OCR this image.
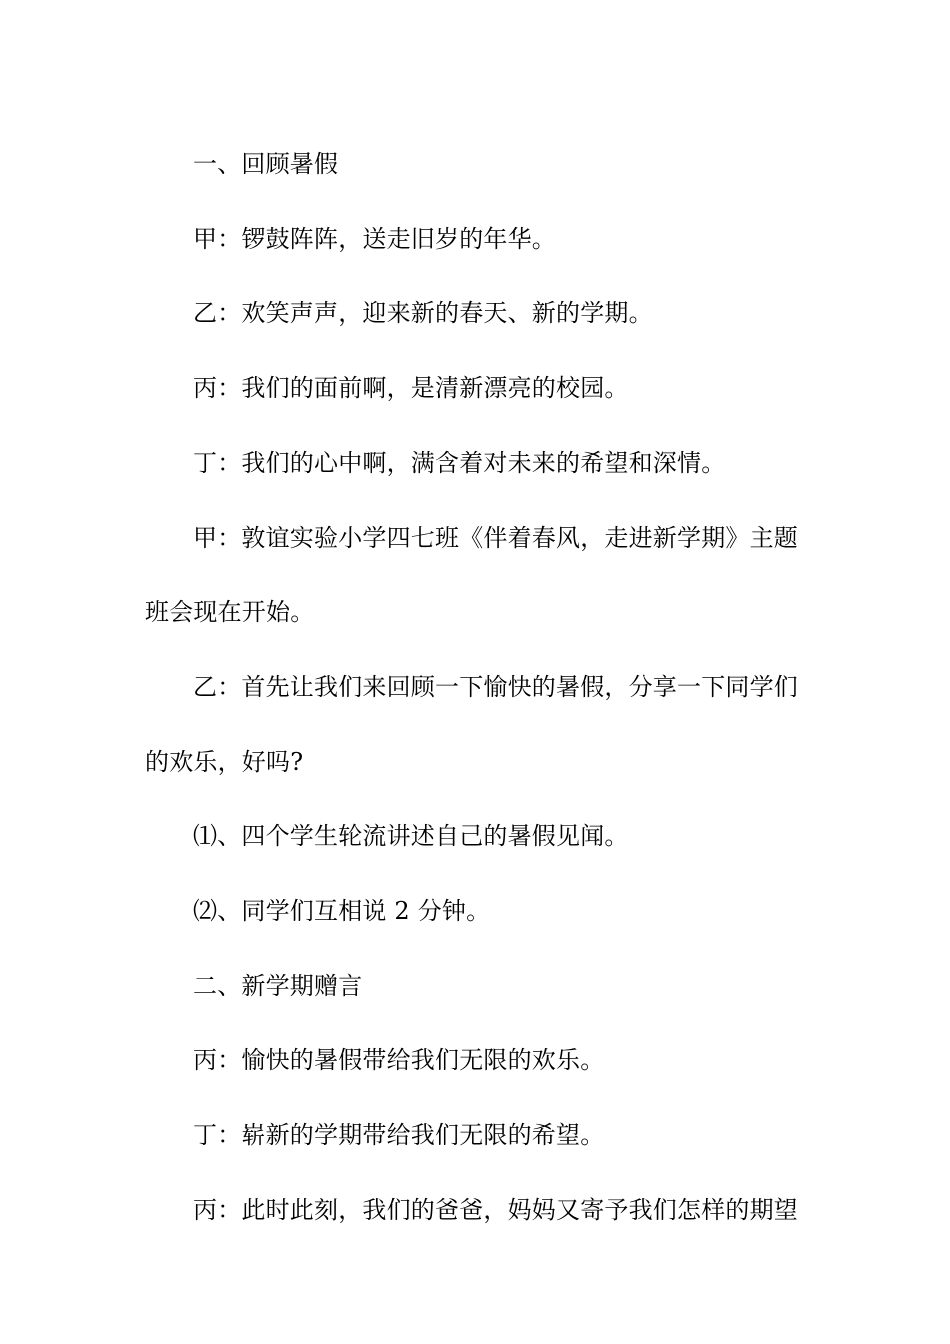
一、回顾暑假

甲：锣鼓阵阵，送走旧岁的年华。

乙：欢笑声声，迎来新的春天、新的学期。

丙：我们的面前啊，是清新漂亮的校园。

丁：我们的心中啊，满含着对未来的希望和深情。

甲：敦谊实验小学四七班《伴着春风，走进新学期》主题班会现在开始。

乙：首先让我们来回顾一下愉快的暑假，分享一下同学们的欢乐，好吗?

⑴、四个学生轮流讲述自己的暑假见闻。

⑵、同学们互相说 2 分钟。

二、新学期赠言

丙：愉快的暑假带给我们无限的欢乐。

丁：崭新的学期带给我们无限的希望。

丙：此时此刻，我们的爸爸，妈妈又寄予我们怎样的期望
